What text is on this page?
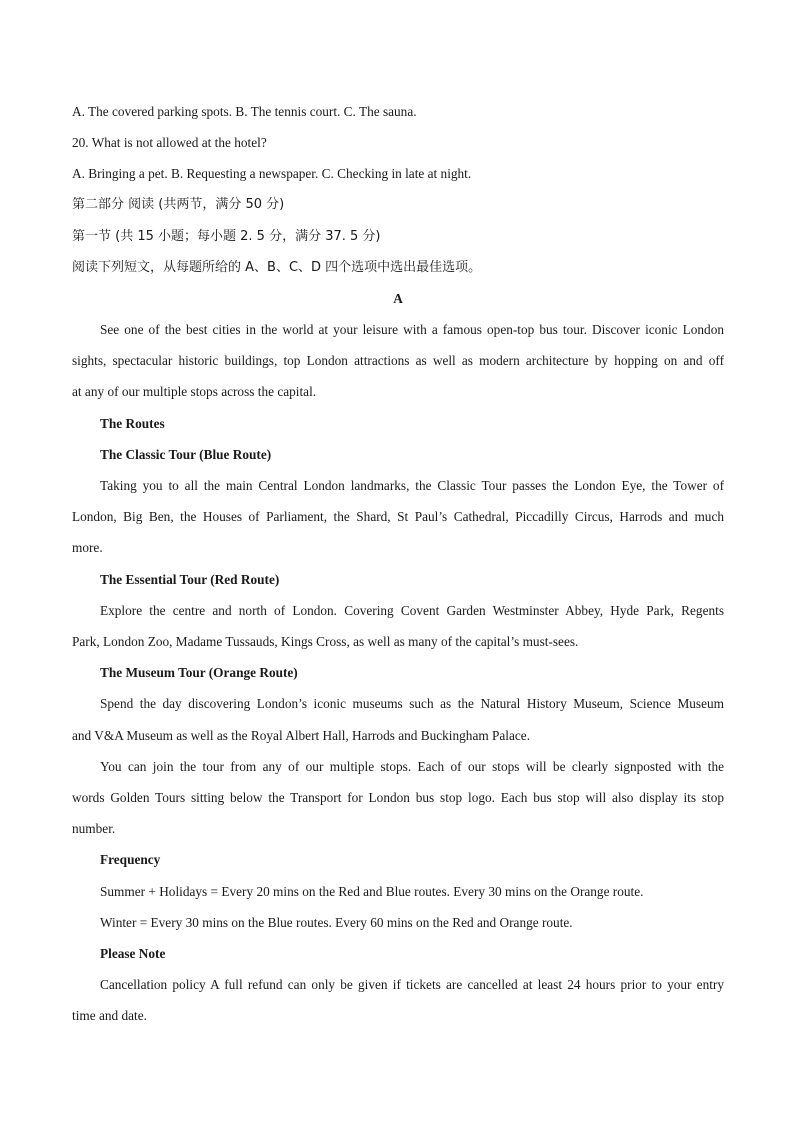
A. The covered parking spots. B. The tennis court. C. The sauna.
20. What is not allowed at the hotel?
A. Bringing a pet. B. Requesting a newspaper. C. Checking in late at night.
第二部分 阅读 (共两节，满分 50 分)
第一节 (共 15 小题；每小题 2. 5 分，满分 37. 5 分)
阅读下列短文，从每题所给的 A、B、C、D 四个选项中选出最佳选项。
A
See one of the best cities in the world at your leisure with a famous open-top bus tour. Discover iconic London
sights, spectacular historic buildings, top London attractions as well as modern architecture by hopping on and off
at any of our multiple stops across the capital.
The Routes
The Classic Tour (Blue Route)
Taking you to all the main Central London landmarks, the Classic Tour passes the London Eye, the Tower of
London, Big Ben, the Houses of Parliament, the Shard, St Paul’s Cathedral, Piccadilly Circus, Harrods and much
more.
The Essential Tour (Red Route)
Explore the centre and north of London. Covering Covent Garden Westminster Abbey, Hyde Park, Regents
Park, London Zoo, Madame Tussauds, Kings Cross, as well as many of the capital’s must-sees.
The Museum Tour (Orange Route)
Spend the day discovering London’s iconic museums such as the Natural History Museum, Science Museum
and V&A Museum as well as the Royal Albert Hall, Harrods and Buckingham Palace.
You can join the tour from any of our multiple stops. Each of our stops will be clearly signposted with the
words Golden Tours sitting below the Transport for London bus stop logo. Each bus stop will also display its stop
number.
Frequency
Summer + Holidays = Every 20 mins on the Red and Blue routes. Every 30 mins on the Orange route.
Winter = Every 30 mins on the Blue routes. Every 60 mins on the Red and Orange route.
Please Note
Cancellation policy A full refund can only be given if tickets are cancelled at least 24 hours prior to your entry
time and date.
